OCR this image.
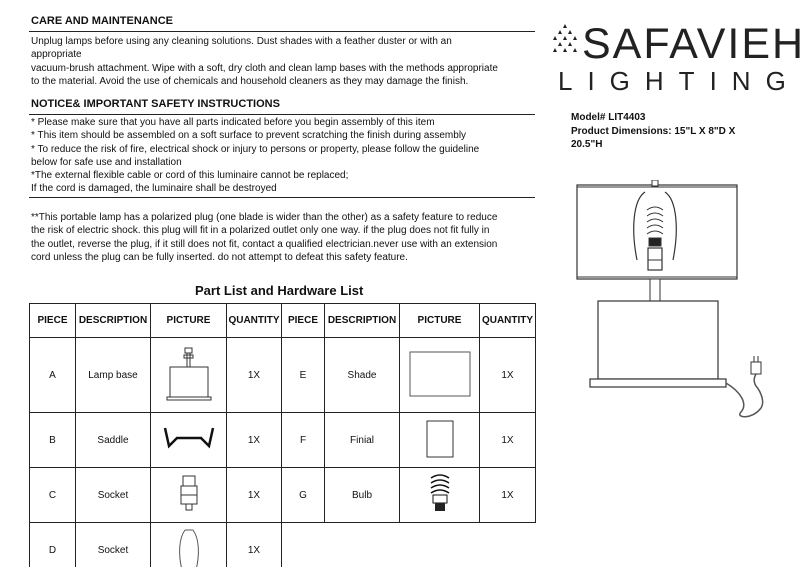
CARE AND MAINTENANCE
Unplug lamps before using any cleaning solutions. Dust shades with a feather duster or with an
appropriate
vacuum-brush attachment. Wipe with a soft, dry cloth and clean lamp bases with the methods appropriate
to the material. Avoid the use of chemicals and household cleaners as they may damage the finish.
NOTICE& IMPORTANT SAFETY INSTRUCTIONS
* Please make sure that you have all parts indicated before you begin assembly of this item
* This item should be assembled on a soft surface to prevent scratching the finish during assembly
* To reduce the risk of fire, electrical shock or injury to persons or property, please follow the guideline
below for safe use and installation
*The external flexible cable or cord of this luminaire cannot be replaced;
If the cord is damaged, the luminaire shall be destroyed
**This portable lamp has a polarized plug (one blade is wider than the other) as a safety feature to reduce
the risk of electric shock. this plug will fit in a polarized outlet only one way. if the plug does not fit fully in
the outlet, reverse the plug, if it still does not fit, contact a qualified electrician.never use with an extension
cord unless the plug can be fully inserted. do not attempt to defeat this safety feature.
SAFAVIEH
LIGHTING
Model# LIT4403
Product Dimensions: 15"L X 8"D X
20.5"H
Part List and Hardware List
PIECE	DESCRIPTION	PICTURE	QUANTITY	PIECE	DESCRIPTION	PICTURE	QUANTITY
A	Lamp base		1X	E	Shade		1X
B	Saddle		1X	F	Finial		1X
C	Socket		1X	G	Bulb		1X
D	Socket		1X				
